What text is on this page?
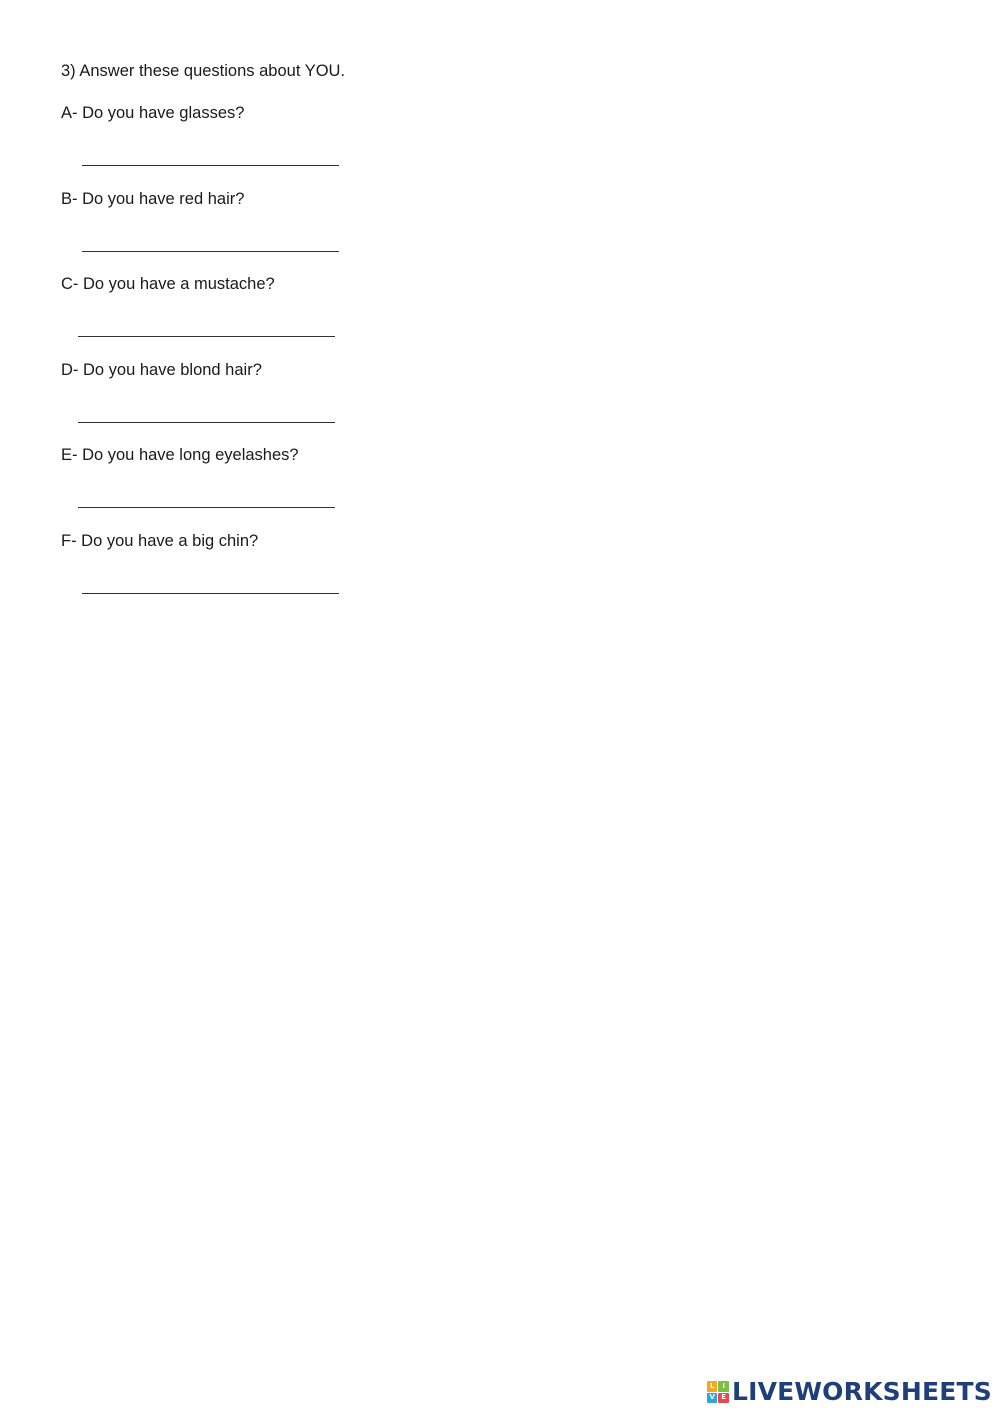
3) Answer these questions about YOU.
A- Do you have glasses?
B- Do you have red hair?
C- Do you have a mustache?
D- Do you have blond hair?
E- Do you have long eyelashes?
F- Do you have a big chin?
L	I
V E LIVEWORKSHEETS
